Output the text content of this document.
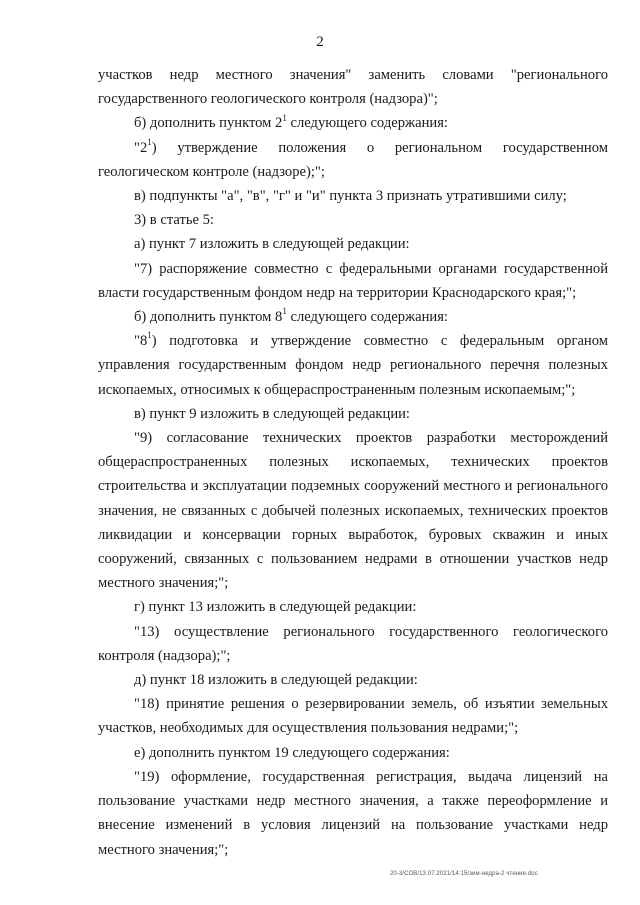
2

участков недр местного значения" заменить словами "регионального государственного геологического контроля (надзора)";

б) дополнить пунктом $2^1$ следующего содержания:

"$2^1$) утверждение положения о региональном государственном геологическом контроле (надзоре);";

в) подпункты "а", "в", "г" и "и" пункта 3 признать утратившими силу;

3) в статье 5:

а) пункт 7 изложить в следующей редакции:

"7) распоряжение совместно с федеральными органами государственной власти государственным фондом недр на территории Краснодарского края;";

б) дополнить пунктом $8^1$ следующего содержания:

"$8^1$) подготовка и утверждение совместно с федеральным органом управления государственным фондом недр регионального перечня полезных ископаемых, относимых к общераспространенным полезным ископаемым;";

в) пункт 9 изложить в следующей редакции:

"9) согласование технических проектов разработки месторождений общераспространенных полезных ископаемых, технических проектов строительства и эксплуатации подземных сооружений местного и регионального значения, не связанных с добычей полезных ископаемых, технических проектов ликвидации и консервации горных выработок, буровых скважин и иных сооружений, связанных с пользованием недрами в отношении участков недр местного значения;";

г) пункт 13 изложить в следующей редакции:

"13) осуществление регионального государственного геологического контроля (надзора);";

д) пункт 18 изложить в следующей редакции:

"18) принятие решения о резервировании земель, об изъятии земельных участков, необходимых для осуществления пользования недрами;";

е) дополнить пунктом 19 следующего содержания:

"19) оформление, государственная регистрация, выдача лицензий на пользование участками недр местного значения, а также переоформление и внесение изменений в условия лицензий на пользование участками недр местного значения;";

20-3/СОВ/13.07.2021/14:15/зим-недра-2 чтение.doc
